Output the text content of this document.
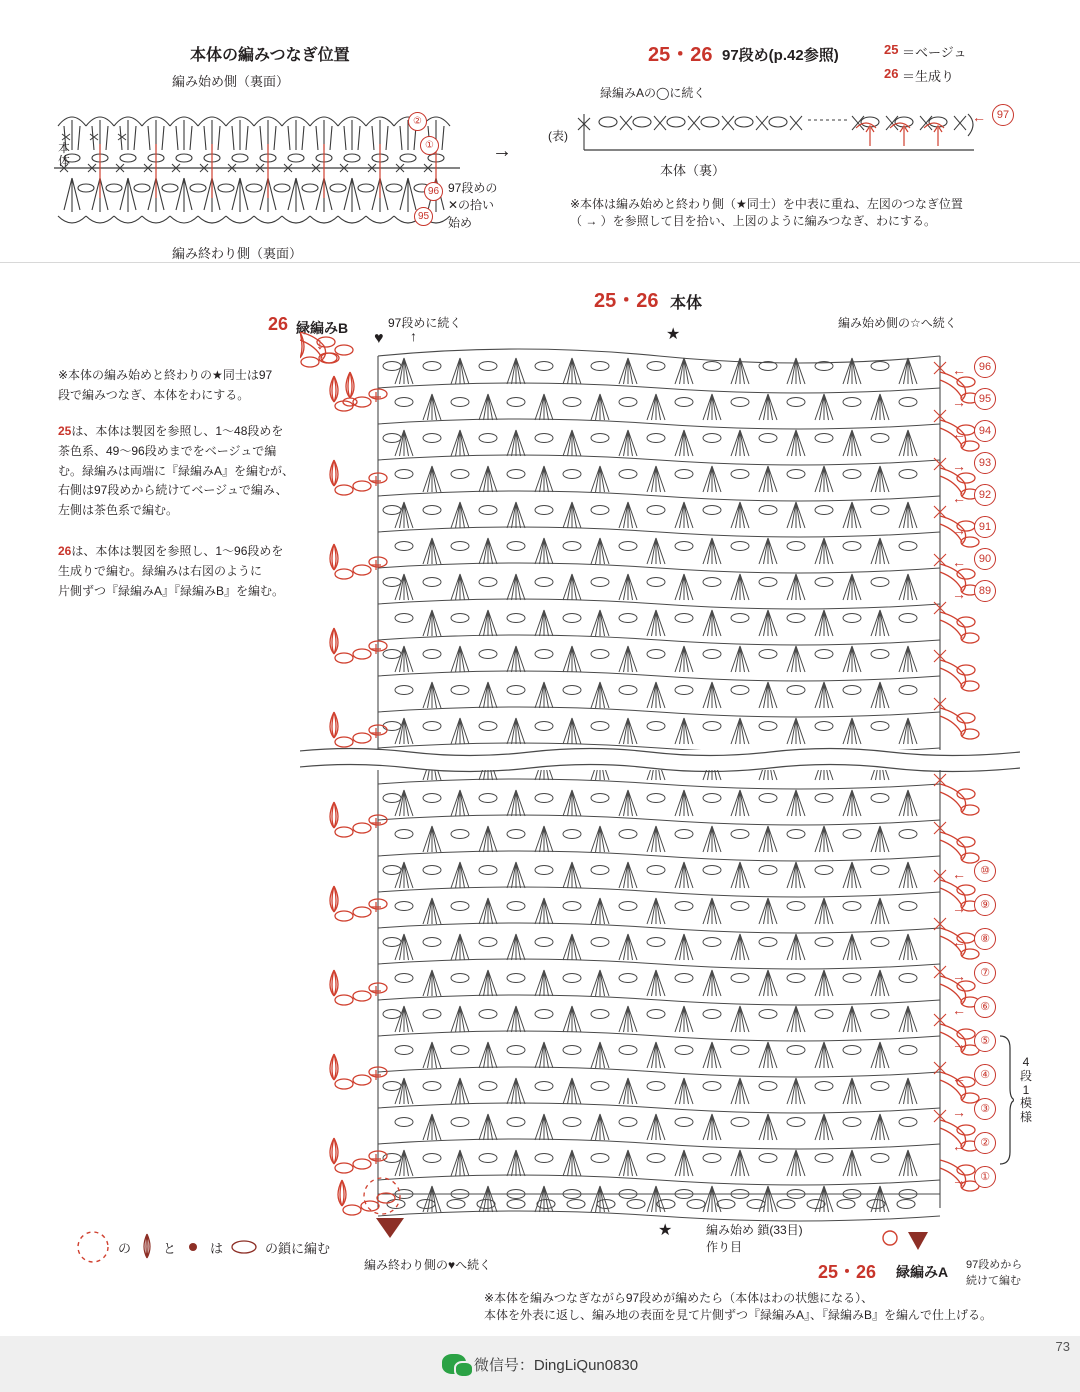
本体の編みつなぎ位置
編み始め側（裏面）
編み終わり側（裏面）
本
体
②
①
96
95
97段めの
✕の拾い
始め
→
25・26 97段め(p.42参照)	25 ＝ベージュ
26 ＝生成り
緑編みAの◯に続く
(表)
本体（裏）
← 97
※本体は編み始めと終わり側（★同士）を中表に重ね、左図のつなぎ位置
（ → ）を参照して目を拾い、上図のように編みつなぎ、わにする。
25・26 本体
97段めに続く	編み始め側の☆へ続く
26 緑編みB
↓	♥	★
↑
※本体の編み始めと終わりの★同士は97
段で編みつなぎ、本体をわにする。
25は、本体は製図を参照し、1～48段めを
茶色系、49～96段めまでをベージュで編
む。緑編みは両端に『緑編みA』を編むが、
右側は97段めから続けてベージュで編み、
左側は茶色系で編む。
26は、本体は製図を参照し、1～96段めを
生成りで編む。緑編みは右図のように
片側ずつ『緑編みA』『緑編みB』を編む。
←	96
→	95
←	94
→	93
←	92
→	91
←	90
→	89
←	⑩
→	⑨
←	⑧
→	⑦
←	⑥
→	⑤
←	④
→	③
←	②
→	①
4
段
1
模
様
★	編み始め 鎖(33目)
作り目
25・26 緑編みA 97段めから
続けて編む
編み終わり側の♥へ続く
の と	は	の鎖に編む
※本体を編みつなぎながら97段めが編めたら（本体はわの状態になる）、
本体を外表に返し、編み地の表面を見て片側ずつ『緑編みA』、『緑編みB』を編んで仕上げる。
微信号：DingLiQun0830
73
